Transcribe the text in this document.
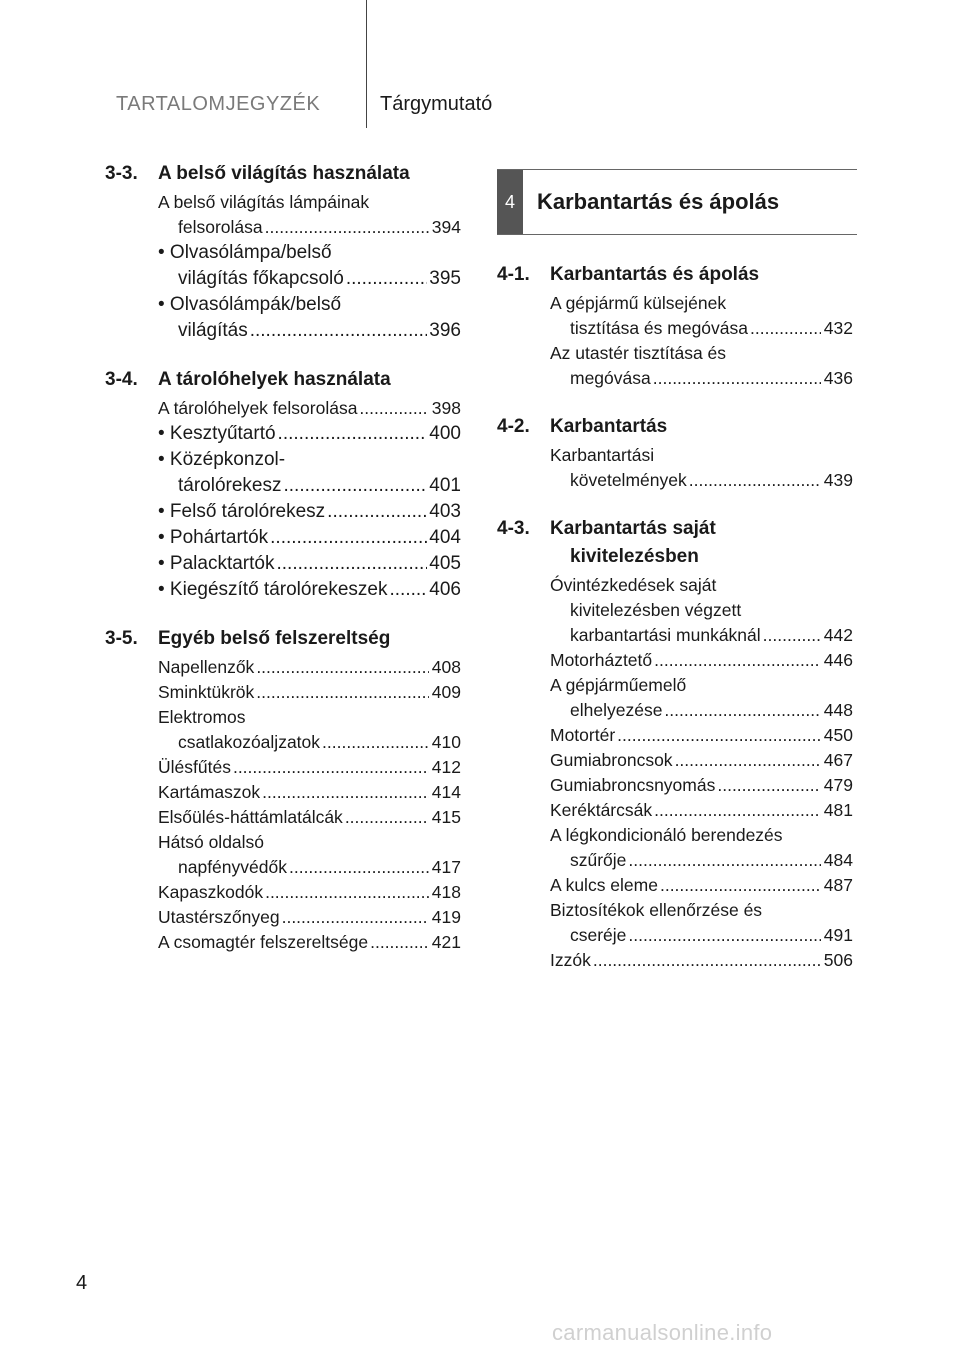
TARTALOMJEGYZÉK	Tárgymutató
3-3.	A belső világítás használata
A belső világítás lámpáinak
felsorolása .....	394
• Olvasólámpa/belső
világítás főkapcsoló .....	395
• Olvasólámpák/belső
világítás .....	396
3-4.	A tárolóhelyek használata
A tárolóhelyek felsorolása .....	398
• Kesztyűtartó .....	400
• Középkonzol-
tárolórekesz .....	401
• Felső tárolórekesz .....	403
• Pohártartók .....	404
• Palacktartók .....	405
• Kiegészítő tárolórekeszek ..... 406
3-5.	Egyéb belső felszereltség
Napellenzők .....	408
Sminktükrök .....	409
Elektromos
csatlakozóaljzatok .....	410
Ülésfűtés .....	412
Kartámaszok .....	414
Elsőülés-háttámlatálcák .....	415
Hátsó oldalsó
napfényvédők .....	417
Kapaszkodók .....	418
Utastérszőnyeg .....	419
A csomagtér felszereltsége .....	421
4	Karbantartás és ápolás
4-1.	Karbantartás és ápolás
A gépjármű külsejének
tisztítása és megóvása .....	432
Az utastér tisztítása és
megóvása .....	436
4-2.	Karbantartás
Karbantartási
követelmények .....	439
4-3.	Karbantartás saját
kivitelezésben
Óvintézkedések saját
kivitelezésben végzett
karbantartási munkáknál .....	442
Motorháztető .....	446
A gépjárműemelő
elhelyezése .....	448
Motortér .....	450
Gumiabroncsok .....	467
Gumiabroncsnyomás .....	479
Keréktárcsák .....	481
A légkondicionáló berendezés
szűrője .....	484
A kulcs eleme .....	487
Biztosítékok ellenőrzése és
cseréje .....	491
Izzók .....	506
4
carmanualsonline.info
